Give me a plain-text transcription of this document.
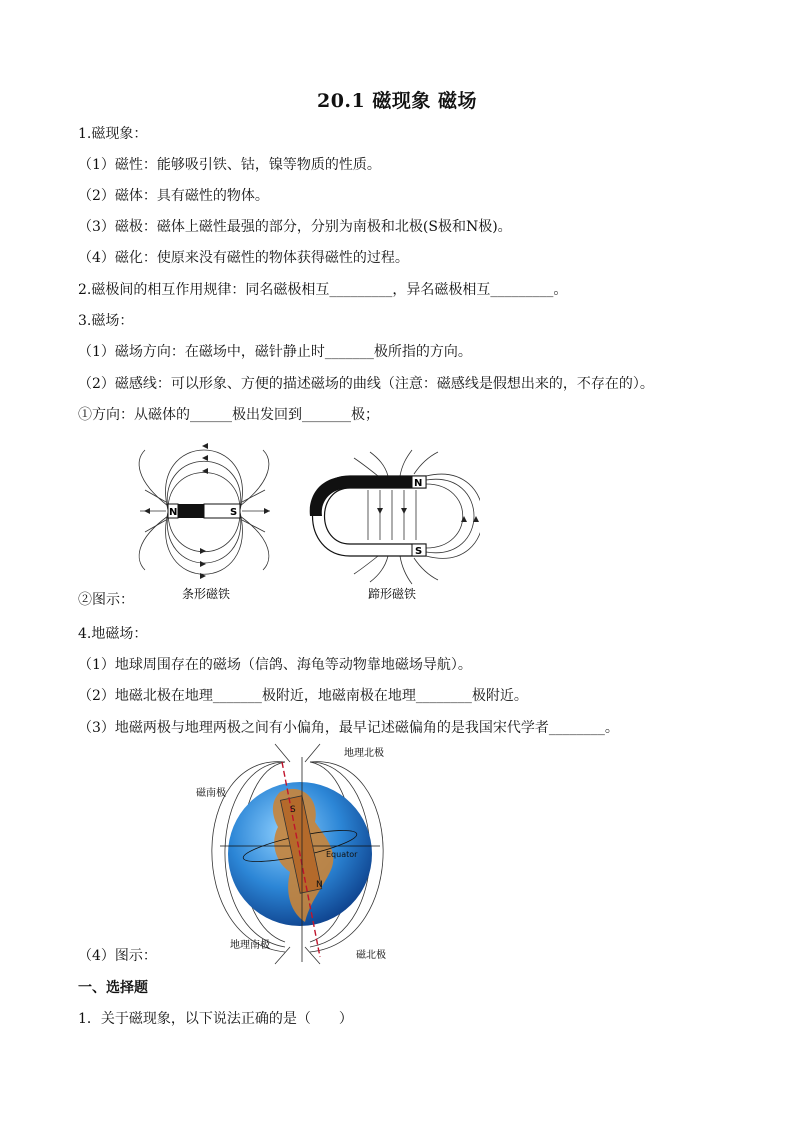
20.1 磁现象 磁场
1.磁现象：
（1）磁性：能够吸引铁、钴，镍等物质的性质。
（2）磁体：具有磁性的物体。
（3）磁极：磁体上磁性最强的部分，分别为南极和北极(S极和N极)。
（4）磁化：使原来没有磁性的物体获得磁性的过程。
2.磁极间的相互作用规律：同名磁极相互_________，异名磁极相互_________。
3.磁场：
（1）磁场方向：在磁场中，磁针静止时_______极所指的方向。
（2）磁感线：可以形象、方便的描述磁场的曲线（注意：磁感线是假想出来的，不存在的）。
①方向：从磁体的______极出发回到_______极；
N	S
条形磁铁
N
S
蹄形磁铁
②图示：
4.地磁场：
（1）地球周围存在的磁场（信鸽、海龟等动物靠地磁场导航）。
（2）地磁北极在地理_______极附近，地磁南极在地理________极附近。
（3）地磁两极与地理两极之间有小偏角，最早记述磁偏角的是我国宋代学者________。
S
N
Equator
地理北极
磁南极
地理南极
磁北极
（4）图示：
一、选择题
1．关于磁现象，以下说法正确的是（　　）
